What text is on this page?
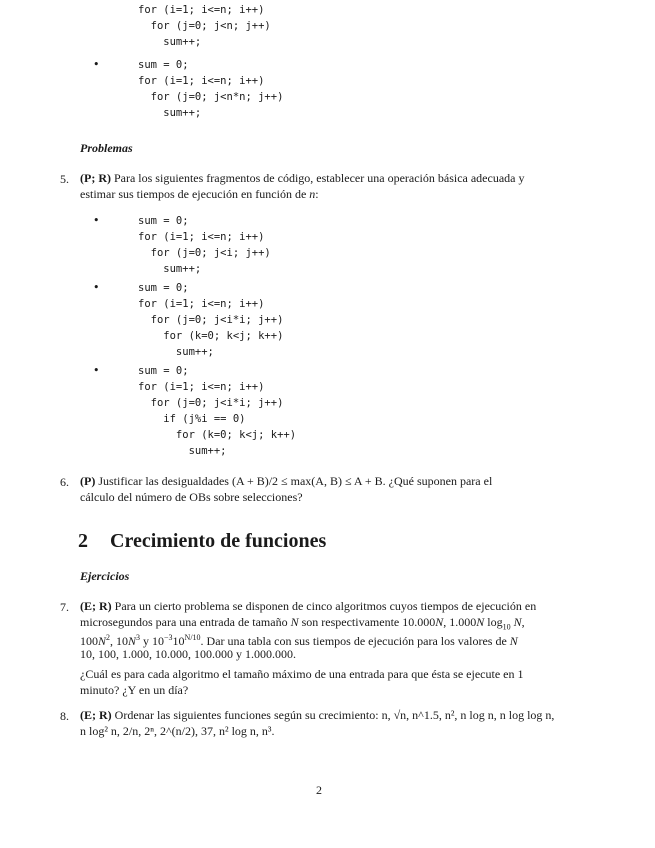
for (i=1; i<=n; i++)
for (j=0; j<n; j++)
sum++;
•	sum = 0;
for (i=1; i<=n; i++)
for (j=0; j<n*n; j++)
sum++;
Problemas
5. (P; R) Para los siguientes fragmentos de código, establecer una operación básica adecuada y
estimar sus tiempos de ejecución en función de n:
•	sum = 0;
for (i=1; i<=n; i++)
for (j=0; j<i; j++)
sum++;
•	sum = 0;
for (i=1; i<=n; i++)
for (j=0; j<i*i; j++)
for (k=0; k<j; k++)
sum++;
•	sum = 0;
for (i=1; i<=n; i++)
for (j=0; j<i*i; j++)
if (j%i == 0)
for (k=0; k<j; k++)
sum++;
6. (P) Justificar las desigualdades (A + B)/2 ≤ max(A, B) ≤ A + B. ¿Qué suponen para el
cálculo del número de OBs sobre selecciones?
2 Crecimiento de funciones
Ejercicios
7. (E; R) Para un cierto problema se disponen de cinco algoritmos cuyos tiempos de ejecución en
microsegundos para una entrada de tamaño N son respectivamente 10.000N, 1.000N $\log_{10} N$,
$100N^2$, $10N^3$ y $10^{-3}10^{N/10}$. Dar una tabla con sus tiempos de ejecución para los valores de N
10, 100, 1.000, 10.000, 100.000 y 1.000.000.
¿Cuál es para cada algoritmo el tamaño máximo de una entrada para que ésta se ejecute en 1
minuto? ¿Y en un día?
8. (E; R) Ordenar las siguientes funciones según su crecimiento: n, √n, n^1.5, n², n log n, n log log n,
n log² n, 2/n, 2ⁿ, 2^(n/2), 37, n² log n, n³.
2
